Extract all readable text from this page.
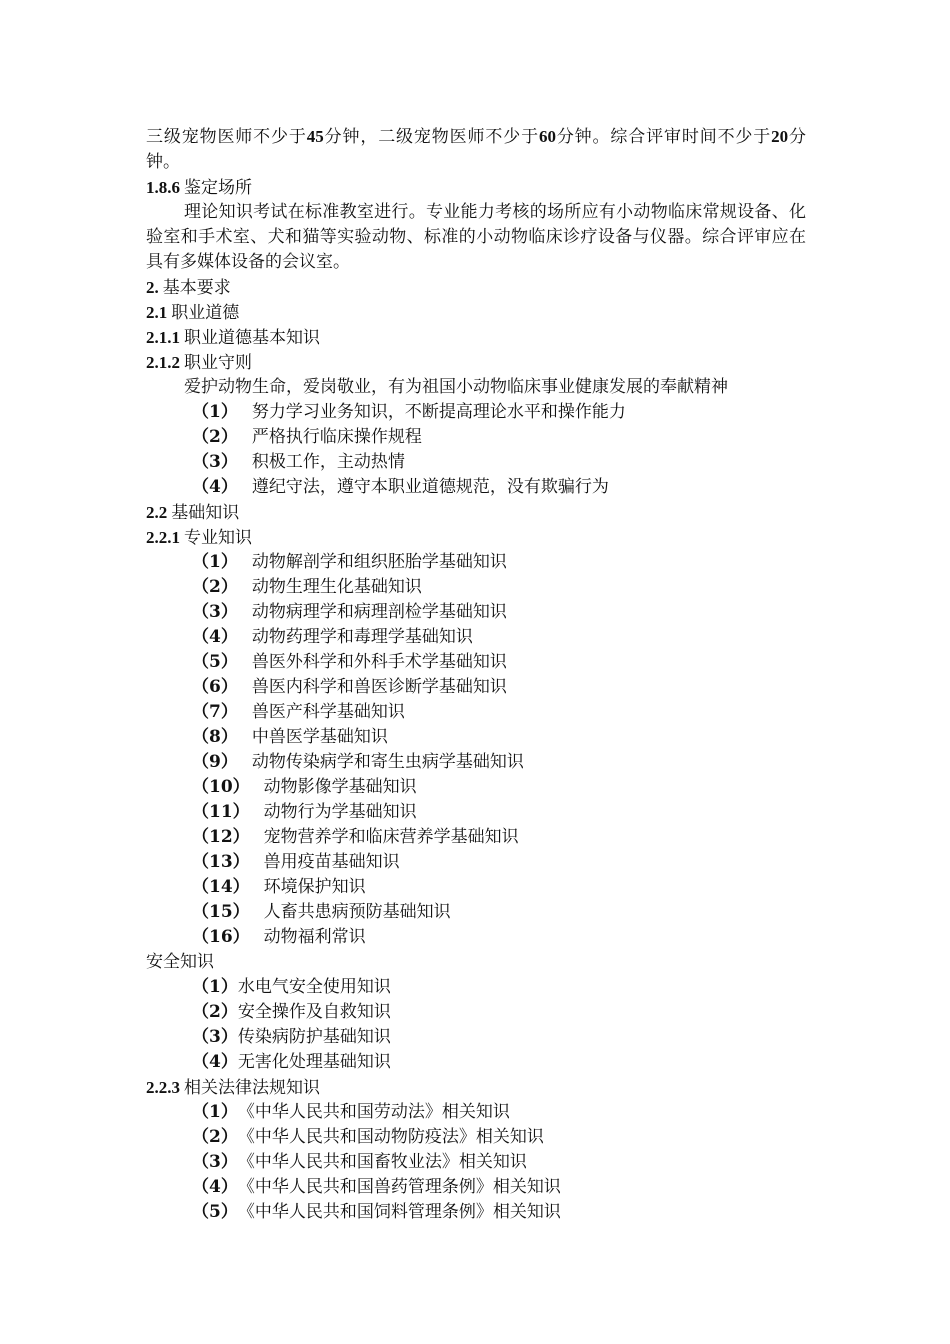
三级宠物医师不少于45分钟，二级宠物医师不少于60分钟。综合评审时间不少于20分钟。
1.8.6 鉴定场所
理论知识考试在标准教室进行。专业能力考核的场所应有小动物临床常规设备、化验室和手术室、犬和猫等实验动物、标准的小动物临床诊疗设备与仪器。综合评审应在具有多媒体设备的会议室。
2. 基本要求
2.1 职业道德
2.1.1 职业道德基本知识
2.1.2 职业守则
爱护动物生命，爱岗敬业，有为祖国小动物临床事业健康发展的奉献精神
（1） 努力学习业务知识，不断提高理论水平和操作能力
（2） 严格执行临床操作规程
（3） 积极工作，主动热情
（4） 遵纪守法，遵守本职业道德规范，没有欺骗行为
2.2 基础知识
2.2.1 专业知识
（1） 动物解剖学和组织胚胎学基础知识
（2） 动物生理生化基础知识
（3） 动物病理学和病理剖检学基础知识
（4） 动物药理学和毒理学基础知识
（5） 兽医外科学和外科手术学基础知识
（6） 兽医内科学和兽医诊断学基础知识
（7） 兽医产科学基础知识
（8） 中兽医学基础知识
（9） 动物传染病学和寄生虫病学基础知识
（10） 动物影像学基础知识
（11） 动物行为学基础知识
（12） 宠物营养学和临床营养学基础知识
（13） 兽用疫苗基础知识
（14） 环境保护知识
（15） 人畜共患病预防基础知识
（16） 动物福利常识
安全知识
（1）水电气安全使用知识
（2）安全操作及自救知识
（3）传染病防护基础知识
（4）无害化处理基础知识
2.2.3 相关法律法规知识
（1）《中华人民共和国劳动法》相关知识
（2）《中华人民共和国动物防疫法》相关知识
（3）《中华人民共和国畜牧业法》相关知识
（4）《中华人民共和国兽药管理条例》相关知识
（5）《中华人民共和国饲料管理条例》相关知识
